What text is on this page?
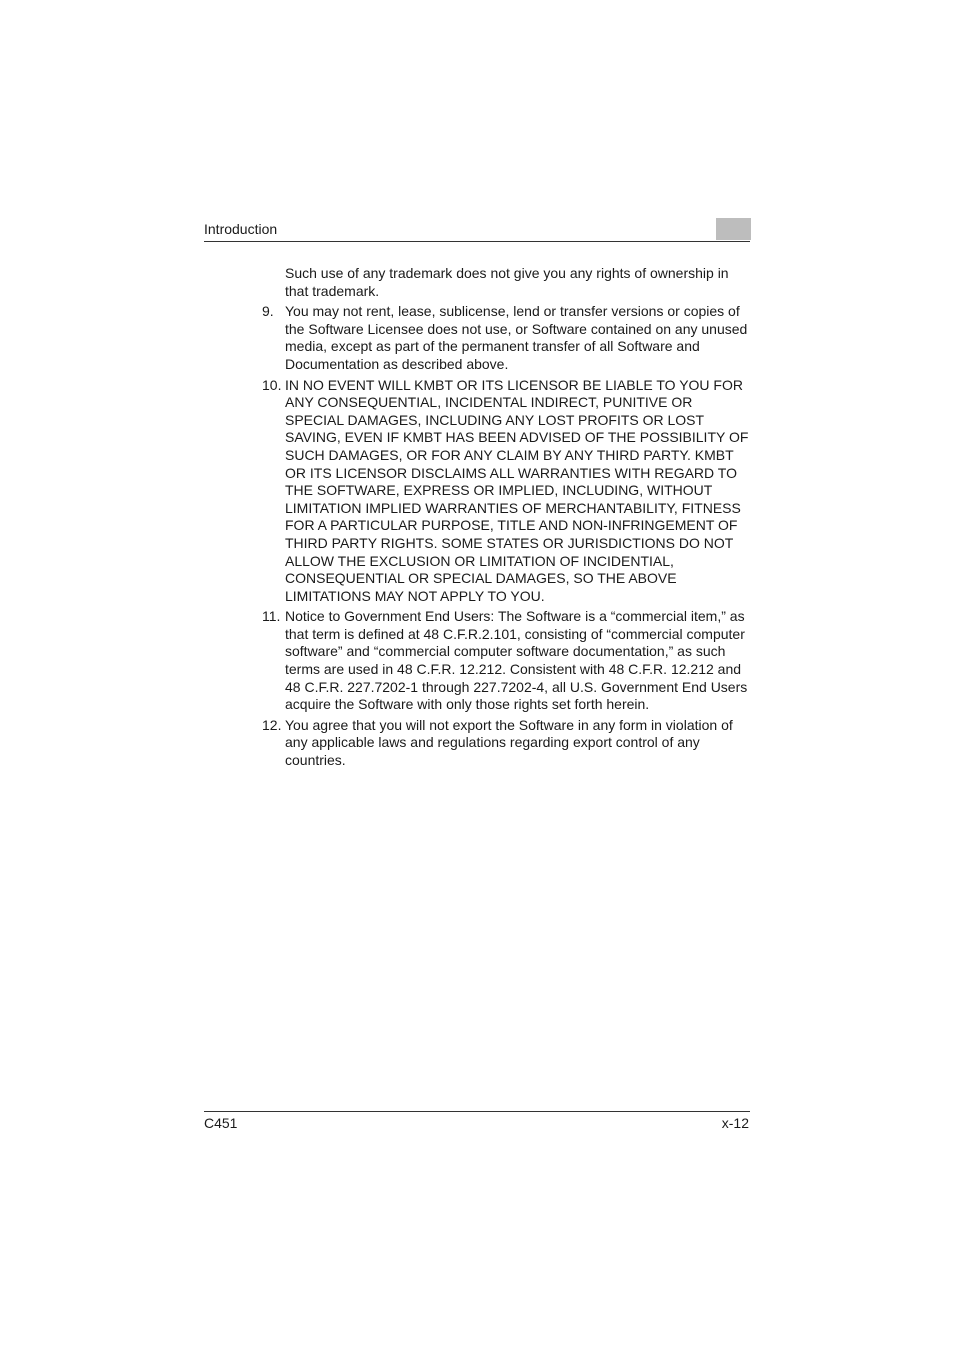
Introduction

Such use of any trademark does not give you any rights of ownership in that trademark.

9. You may not rent, lease, sublicense, lend or transfer versions or copies of the Software Licensee does not use, or Software contained on any unused media, except as part of the permanent transfer of all Software and Documentation as described above.
10. IN NO EVENT WILL KMBT OR ITS LICENSOR BE LIABLE TO YOU FOR ANY CONSEQUENTIAL, INCIDENTAL INDIRECT, PUNITIVE OR SPECIAL DAMAGES, INCLUDING ANY LOST PROFITS OR LOST SAVING, EVEN IF KMBT HAS BEEN ADVISED OF THE POSSIBILITY OF SUCH DAMAGES, OR FOR ANY CLAIM BY ANY THIRD PARTY. KMBT OR ITS LICENSOR DISCLAIMS ALL WARRANTIES WITH REGARD TO THE SOFTWARE, EXPRESS OR IMPLIED, INCLUDING, WITHOUT LIMITATION IMPLIED WARRANTIES OF MERCHANTABILITY, FITNESS FOR A PARTICULAR PURPOSE, TITLE AND NON-INFRINGEMENT OF THIRD PARTY RIGHTS. SOME STATES OR JURISDICTIONS DO NOT ALLOW THE EXCLUSION OR LIMITATION OF INCIDENTIAL, CONSEQUENTIAL OR SPECIAL DAMAGES, SO THE ABOVE LIMITATIONS MAY NOT APPLY TO YOU.
11. Notice to Government End Users: The Software is a “commercial item,” as that term is defined at 48 C.F.R.2.101, consisting of “commercial computer software” and “commercial computer software documentation,” as such terms are used in 48 C.F.R. 12.212. Consistent with 48 C.F.R. 12.212 and 48 C.F.R. 227.7202-1 through 227.7202-4, all U.S. Government End Users acquire the Software with only those rights set forth herein.
12. You agree that you will not export the Software in any form in violation of any applicable laws and regulations regarding export control of any countries.
C451	x-12
